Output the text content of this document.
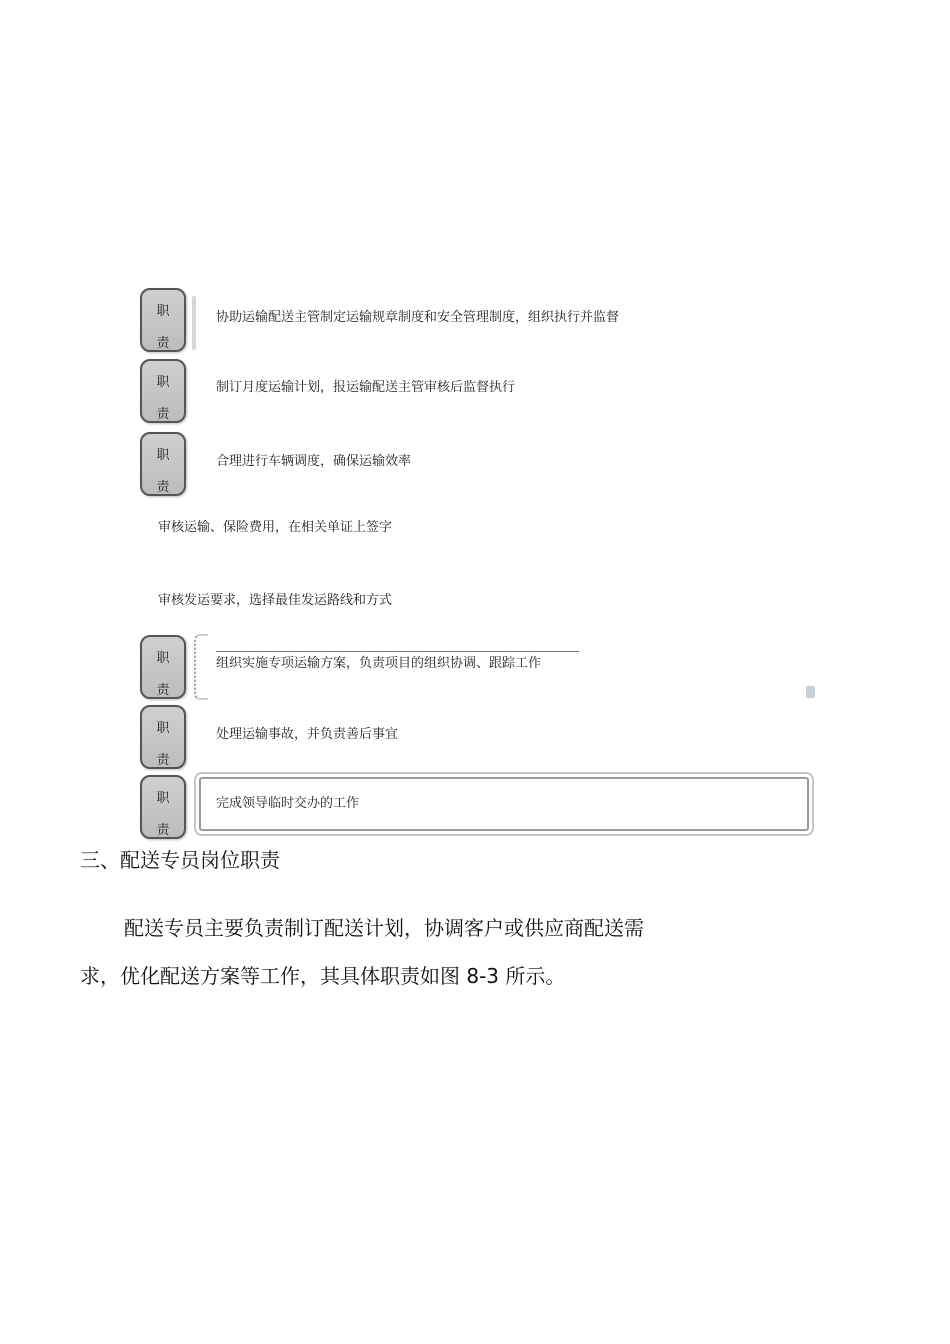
职
责
协助运输配送主管制定运输规章制度和安全管理制度，组织执行并监督
职
责
制订月度运输计划，报运输配送主管审核后监督执行
职
责
合理进行车辆调度，确保运输效率
审核运输、保险费用，在相关单证上签字
审核发运要求，选择最佳发运路线和方式
职
责
组织实施专项运输方案，负责项目的组织协调、跟踪工作
职
责
处理运输事故，并负责善后事宜
职
责
完成领导临时交办的工作
三、配送专员岗位职责
配送专员主要负责制订配送计划，协调客户或供应商配送需
求，优化配送方案等工作，其具体职责如图 8-3 所示。
